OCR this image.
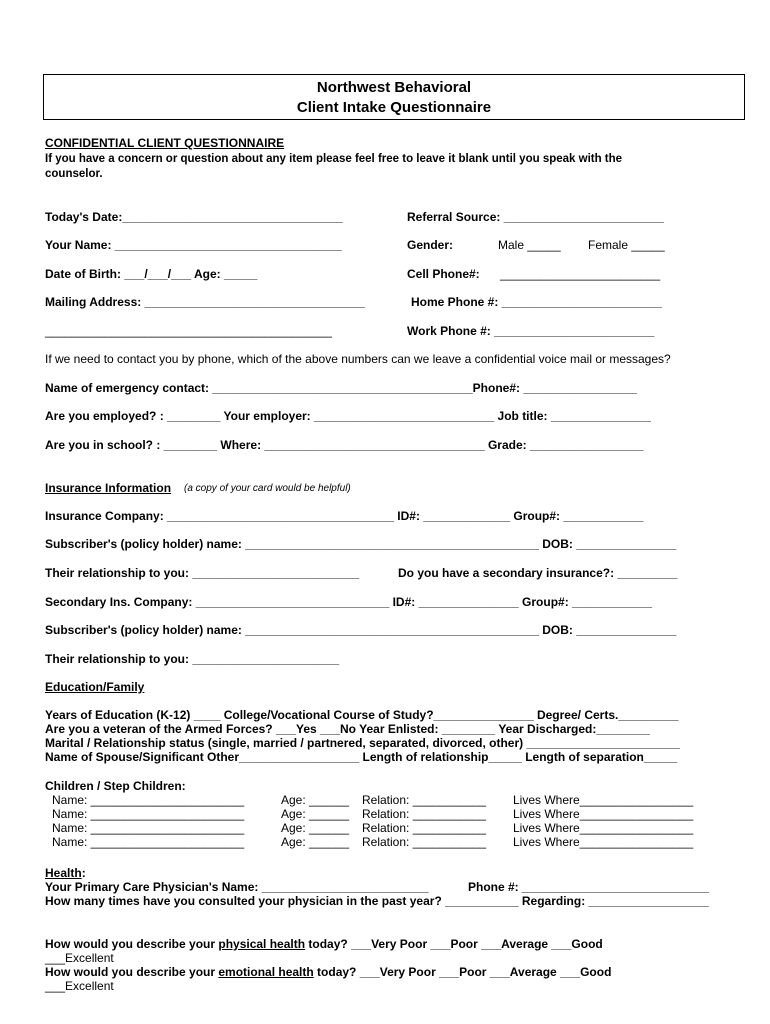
Northwest Behavioral
Client Intake Questionnaire
CONFIDENTIAL CLIENT QUESTIONNAIRE
If you have a concern or question about any item please feel free to leave it blank until you speak with the
counselor.
Today's Date:_________________________________	Referral Source: ________________________
Your Name: __________________________________	Gender:	Male _____ Female _____
Date of Birth: ___/___/___ Age: _____	Cell Phone#: ________________________
Mailing Address: _________________________________	Home Phone #: ________________________
___________________________________________	Work Phone #: ________________________
If we need to contact you by phone, which of the above numbers can we leave a confidential voice mail or messages?
Name of emergency contact: _______________________________________Phone#: _________________
Are you employed? : ________ Your employer: ___________________________ Job title: _______________
Are you in school? : ________ Where: _________________________________ Grade: _________________
Insurance Information (a copy of your card would be helpful)
Insurance Company: __________________________________ ID#: _____________ Group#: ____________
Subscriber's (policy holder) name: ____________________________________________ DOB: _______________
Their relationship to you: _________________________	Do you have a secondary insurance?: _________
Secondary Ins. Company: _____________________________ ID#: _______________ Group#: ____________
Subscriber's (policy holder) name: ____________________________________________ DOB: _______________
Their relationship to you: ______________________
Education/Family
Years of Education (K-12) ____ College/Vocational Course of Study?_______________ Degree/ Certs._________
Are you a veteran of the Armed Forces? ___Yes ___No Year Enlisted: ________ Year Discharged:________
Marital / Relationship status (single, married / partnered, separated, divorced, other) _______________________
Name of Spouse/Significant Other__________________ Length of relationship_____ Length of separation_____
Children / Step Children:
Name: _______________________	Age: ______ Relation: ___________ Lives Where_________________
Name: _______________________	Age: ______ Relation: ___________ Lives Where_________________
Name: _______________________	Age: ______ Relation: ___________ Lives Where_________________
Name: _______________________	Age: ______ Relation: ___________ Lives Where_________________
Health:
Your Primary Care Physician's Name: _________________________	Phone #: ____________________________
How many times have you consulted your physician in the past year? ___________ Regarding: __________________
How would you describe your physical health today? ___Very Poor ___Poor ___Average ___Good
___Excellent
How would you describe your emotional health today? ___Very Poor ___Poor ___Average ___Good
___Excellent
